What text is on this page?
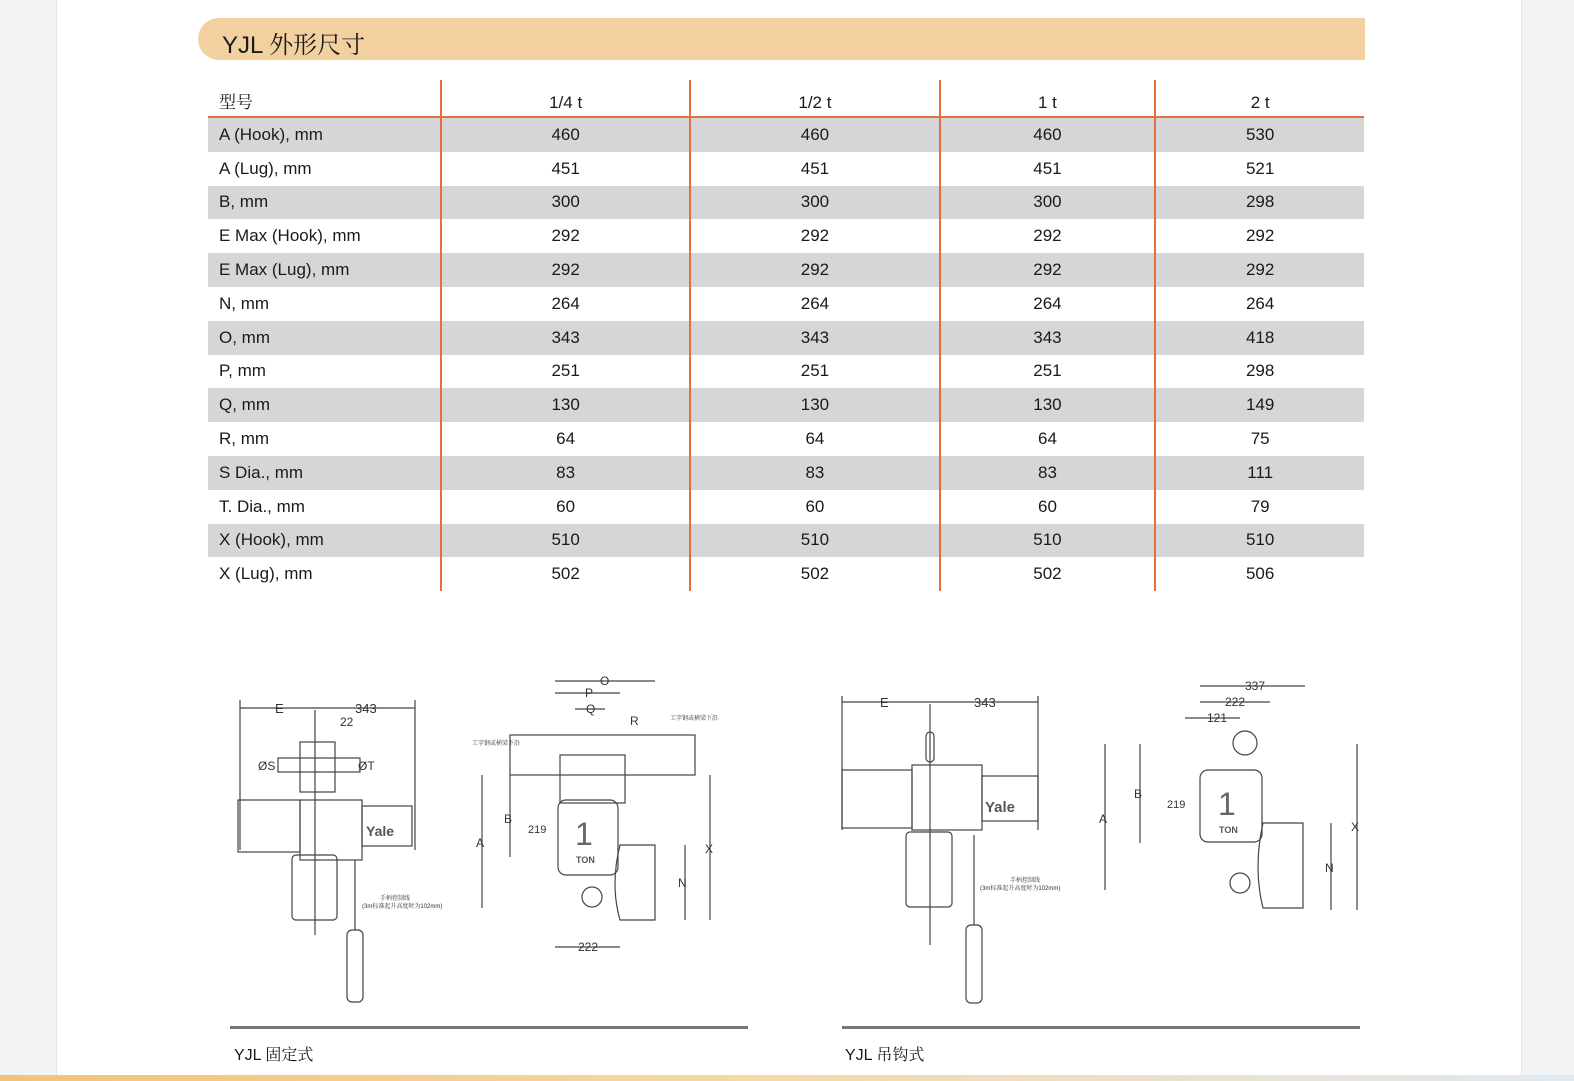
YJL 外形尺寸
型号	1/4 t	1/2 t	1 t	2 t
A (Hook), mm	460	460	460	530
A (Lug), mm	451	451	451	521
B, mm	300	300	300	298
E Max (Hook), mm	292	292	292	292
E Max (Lug), mm	292	292	292	292
N, mm	264	264	264	264
O, mm	343	343	343	418
P, mm	251	251	251	298
Q, mm	130	130	130	149
R, mm	64	64	64	75
S Dia., mm	83	83	83	111
T. Dia., mm	60	60	60	79
X (Hook), mm	510	510	510	510
X (Lug), mm	502	502	502	506
E	343
22
ØS	ØT
Yale
手柄控制线
(3m标准起升高度时为102mm)
O
P
Q
R
工字钢或横梁下沿
工字钢或横梁下沿
1
TON
A
B
219
X
N
222
E	343
Yale
手柄控制线
(3m标准起升高度时为102mm)
337
222
121
1
TON
A
B
219
X
N
YJL 固定式	YJL 吊钩式
